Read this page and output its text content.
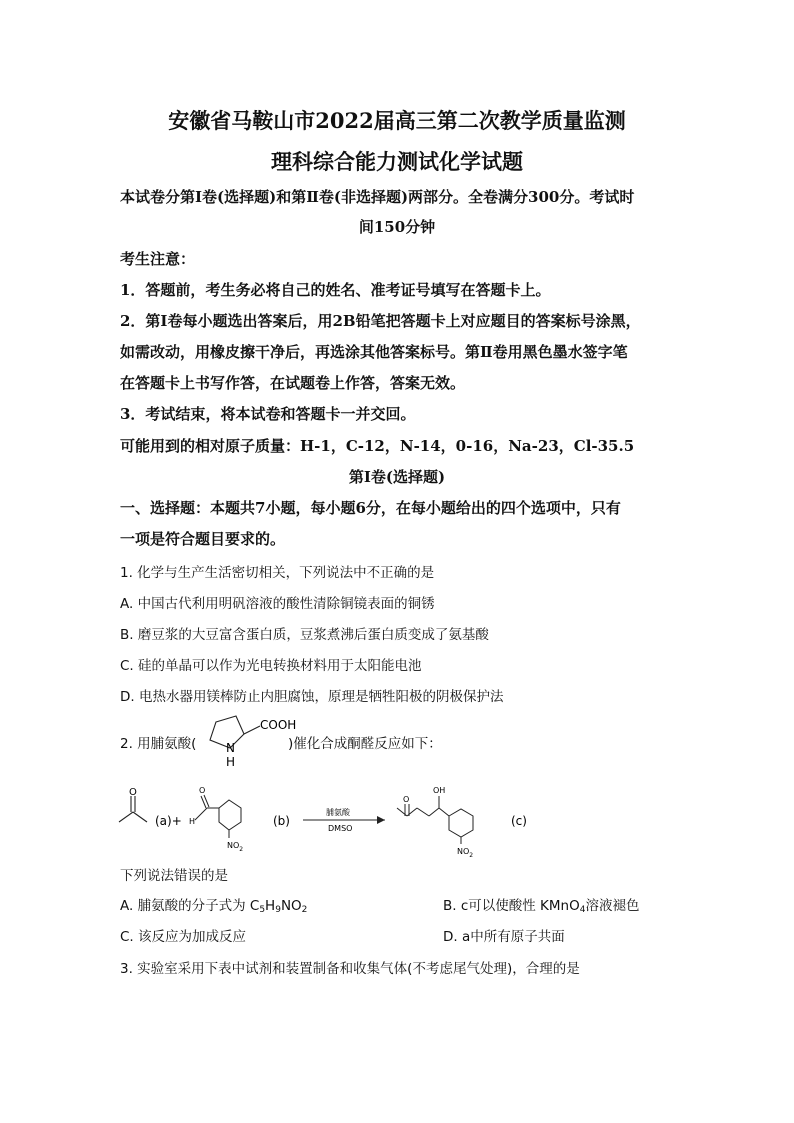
安徽省马鞍山市2022届高三第二次教学质量监测
理科综合能力测试化学试题
本试卷分第Ⅰ卷(选择题)和第Ⅱ卷(非选择题)两部分。全卷满分300分。考试时
间150分钟
考生注意：
1．答题前，考生务必将自己的姓名、准考证号填写在答题卡上。
2．第Ⅰ卷每小题选出答案后，用2B铅笔把答题卡上对应题目的答案标号涂黑，
如需改动，用橡皮擦干净后，再选涂其他答案标号。第Ⅱ卷用黑色墨水签字笔
在答题卡上书写作答，在试题卷上作答，答案无效。
3．考试结束，将本试卷和答题卡一并交回。
可能用到的相对原子质量：H-1，C-12，N-14，0-16，Na-23，Cl-35.5
第Ⅰ卷(选择题)
一、选择题：本题共7小题，每小题6分，在每小题给出的四个选项中，只有
一项是符合题目要求的。
1. 化学与生产生活密切相关，下列说法中不正确的是
A. 中国古代利用明矾溶液的酸性清除铜镜表面的铜锈
B. 磨豆浆的大豆富含蛋白质，豆浆煮沸后蛋白质变成了氨基酸
C. 硅的单晶可以作为光电转换材料用于太阳能电池
D. 电热水器用镁棒防止内胆腐蚀，原理是牺牲阳极的阴极保护法
2. 用脯氨酸(	)催化合成酮醛反应如下：
COOH
N
H
O
(a)+ H
O
$NO_2$
(b)
脯氨酸
DMSO
O
OH
$NO_2$
(c)
下列说法错误的是
A. 脯氨酸的分子式为 $C_5H_9NO_2$	B. c可以使酸性 KMnO$_4$溶液褪色
C. 该反应为加成反应	D. a中所有原子共面
3. 实验室采用下表中试剂和装置制备和收集气体(不考虑尾气处理)，合理的是
